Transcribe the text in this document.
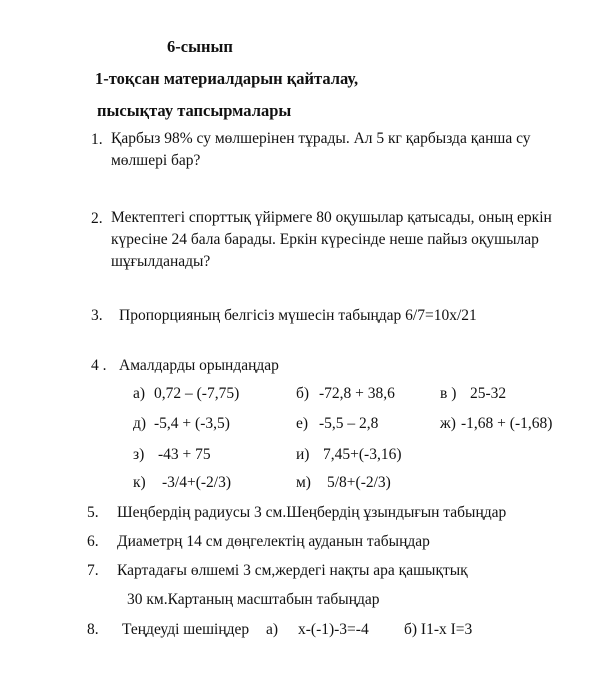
6-сынып
1-тоқсан материалдарын қайталау,
пысықтау тапсырмалары
1. Қарбыз 98% су мөлшерінен тұрады. Ал 5 кг қарбызда қанша су
мөлшері бар?
2. Мектептегі спорттық үйірмеге 80 оқушылар қатысады, оның еркін
күресіне 24 бала барады. Еркін күресінде неше пайыз оқушылар
шұғылданады?
3. Пропорцияның белгісіз мүшесін табыңдар 6/7=10x/21
4 . Амалдарды орындаңдар
а) 0,72 – (-7,75)	б) -72,8 + 38,6	в ) 25-32
д) -5,4 + (-3,5)	е) -5,5 – 2,8	ж) -1,68 + (-1,68)
з) -43 + 75	и) 7,45+(-3,16)
к) -3/4+(-2/3)	м) 5/8+(-2/3)
5. Шеңбердің радиусы 3 см.Шеңбердің ұзындығын табыңдар
6. Диаметрң 14 см дөңгелектің ауданын табыңдар
7. Картадағы өлшемі 3 см,жердегі нақты ара қашықтық
30 км.Картаның масштабын табыңдар
8. Теңдеуді шешіңдер а) х-(-1)-3=-4 б) I1-х I=3
